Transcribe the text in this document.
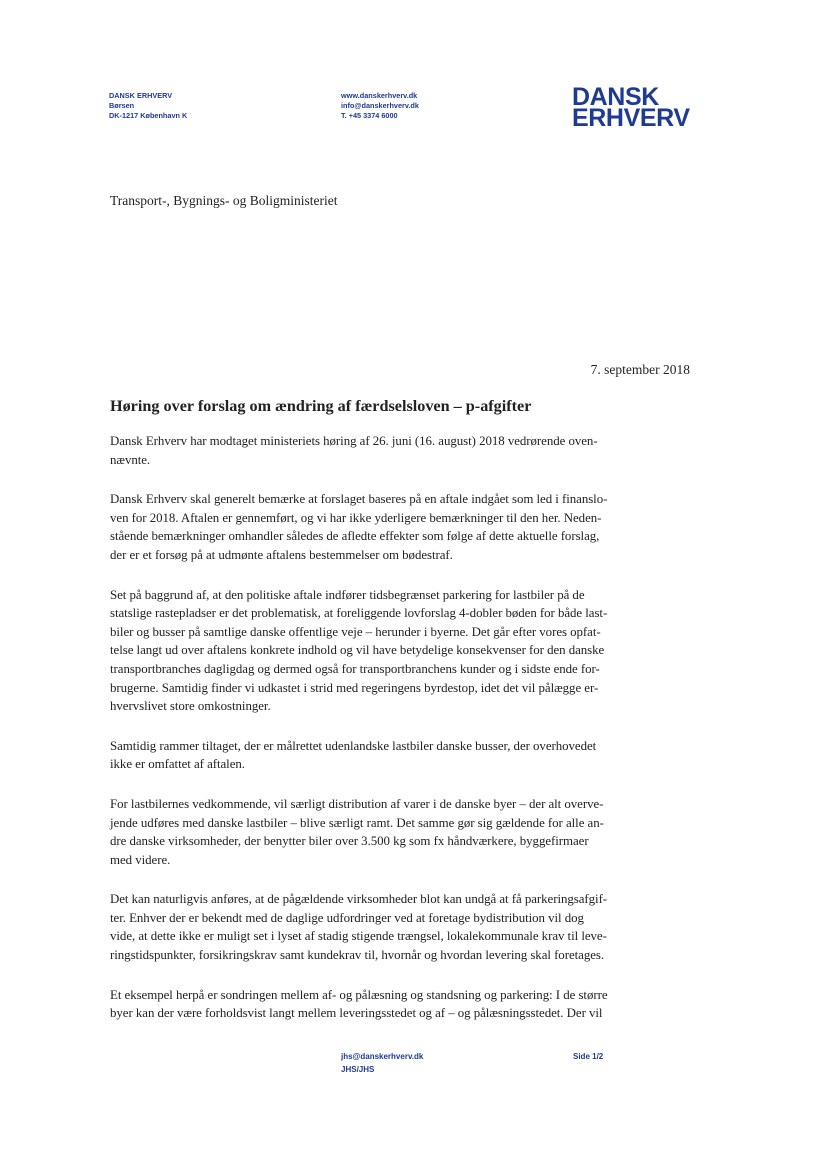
DANSK ERHVERV
Børsen
DK-1217 København K
www.danskerhverv.dk
info@danskerhverv.dk
T. +45 3374 6000
DANSK
ERHVERV
Transport-, Bygnings- og Boligministeriet
7. september 2018
Høring over forslag om ændring af færdselsloven – p-afgifter
Dansk Erhverv har modtaget ministeriets høring af 26. juni (16. august) 2018 vedrørende oven-
nævnte.
Dansk Erhverv skal generelt bemærke at forslaget baseres på en aftale indgået som led i finanslo-
ven for 2018. Aftalen er gennemført, og vi har ikke yderligere bemærkninger til den her. Neden-
stående bemærkninger omhandler således de afledte effekter som følge af dette aktuelle forslag,
der er et forsøg på at udmønte aftalens bestemmelser om bødestraf.
Set på baggrund af, at den politiske aftale indfører tidsbegrænset parkering for lastbiler på de
statslige rastepladser er det problematisk, at foreliggende lovforslag 4-dobler bøden for både last-
biler og busser på samtlige danske offentlige veje – herunder i byerne. Det går efter vores opfat-
telse langt ud over aftalens konkrete indhold og vil have betydelige konsekvenser for den danske
transportbranches dagligdag og dermed også for transportbranchens kunder og i sidste ende for-
brugerne. Samtidig finder vi udkastet i strid med regeringens byrdestop, idet det vil pålægge er-
hvervslivet store omkostninger.
Samtidig rammer tiltaget, der er målrettet udenlandske lastbiler danske busser, der overhovedet
ikke er omfattet af aftalen.
For lastbilernes vedkommende, vil særligt distribution af varer i de danske byer – der alt overve-
jende udføres med danske lastbiler – blive særligt ramt. Det samme gør sig gældende for alle an-
dre danske virksomheder, der benytter biler over 3.500 kg som fx håndværkere, byggefirmaer
med videre.
Det kan naturligvis anføres, at de pågældende virksomheder blot kan undgå at få parkeringsafgif-
ter. Enhver der er bekendt med de daglige udfordringer ved at foretage bydistribution vil dog
vide, at dette ikke er muligt set i lyset af stadig stigende trængsel, lokalekommunale krav til leve-
ringstidspunkter, forsikringskrav samt kundekrav til, hvornår og hvordan levering skal foretages.
Et eksempel herpå er sondringen mellem af- og pålæsning og standsning og parkering: I de større
byer kan der være forholdsvist langt mellem leveringsstedet og af – og pålæsningsstedet. Der vil
jhs@danskerhverv.dk
JHS/JHS
Side 1/2
